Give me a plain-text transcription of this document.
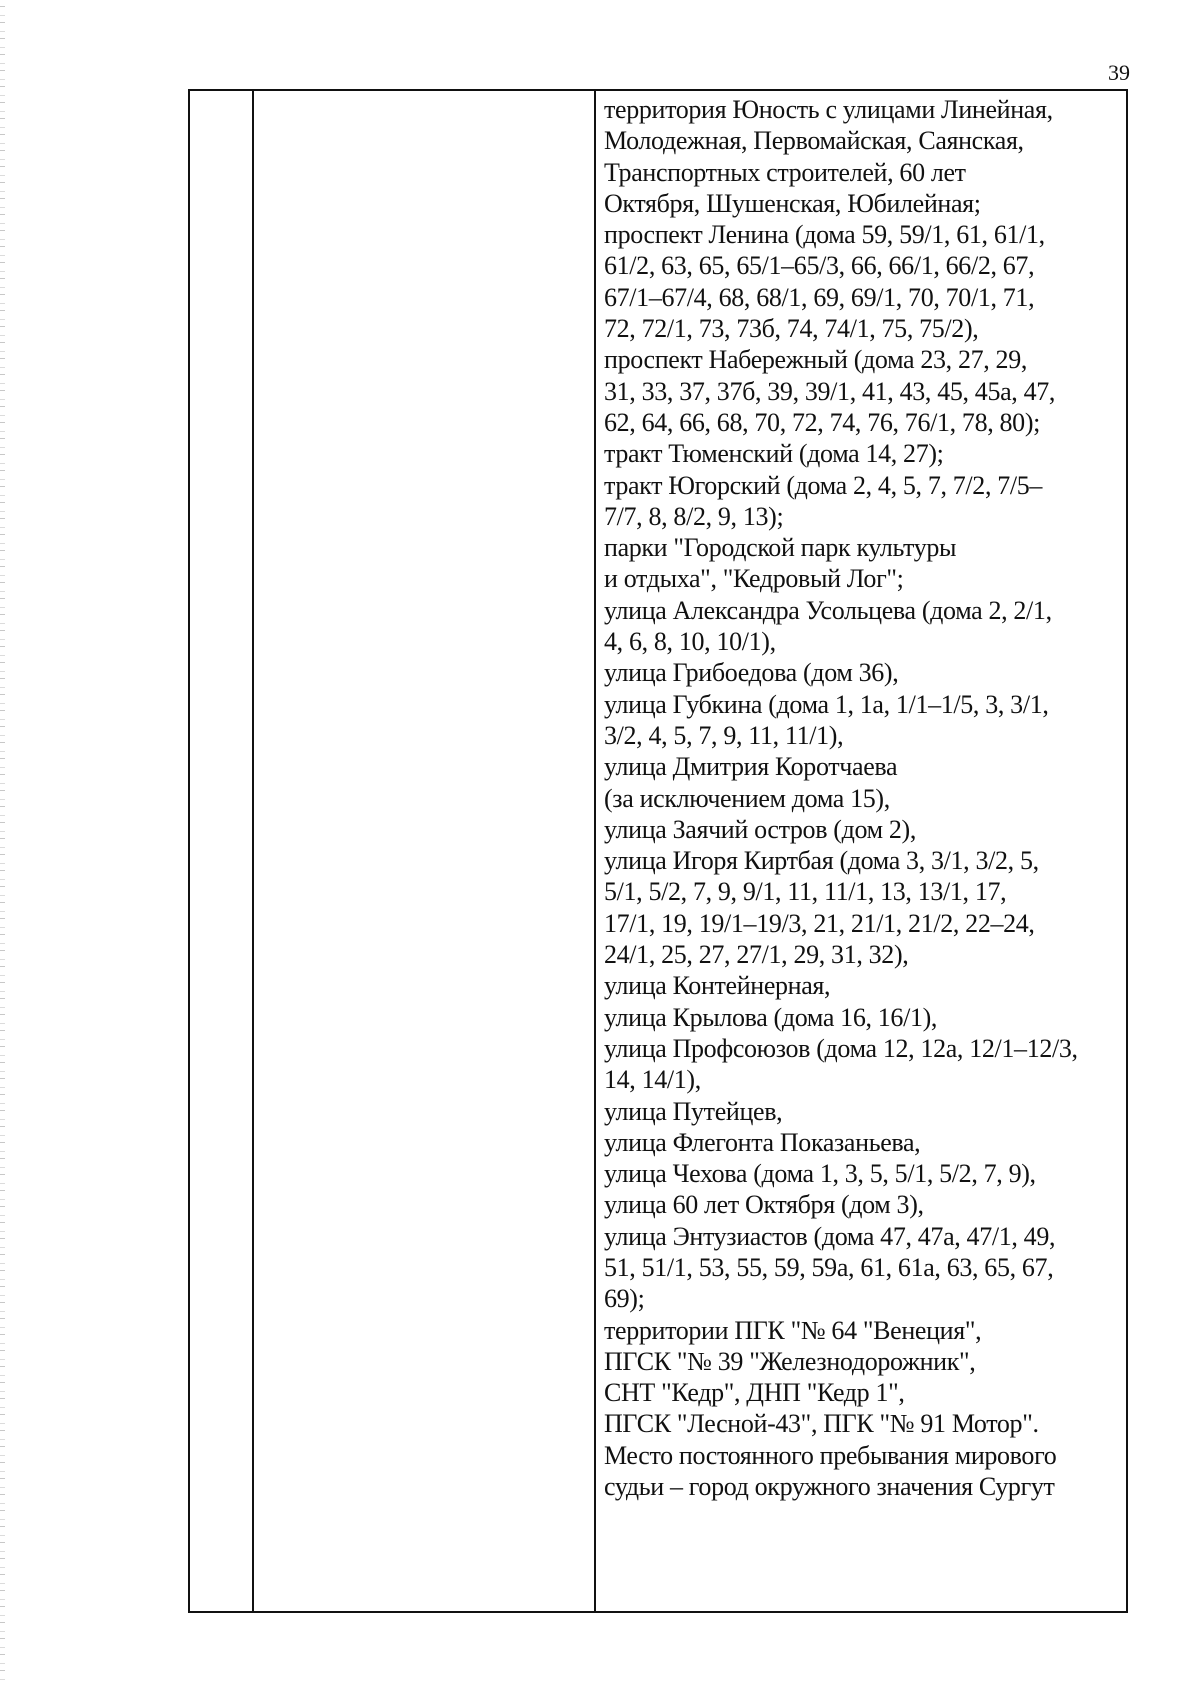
39

территория Юность с улицами Линейная,
Молодежная, Первомайская, Саянская,
Транспортных строителей, 60 лет
Октября, Шушенская, Юбилейная;
проспект Ленина (дома 59, 59/1, 61, 61/1,
61/2, 63, 65, 65/1–65/3, 66, 66/1, 66/2, 67,
67/1–67/4, 68, 68/1, 69, 69/1, 70, 70/1, 71,
72, 72/1, 73, 73б, 74, 74/1, 75, 75/2),
проспект Набережный (дома 23, 27, 29,
31, 33, 37, 37б, 39, 39/1, 41, 43, 45, 45а, 47,
62, 64, 66, 68, 70, 72, 74, 76, 76/1, 78, 80);
тракт Тюменский (дома 14, 27);
тракт Югорский (дома 2, 4, 5, 7, 7/2, 7/5–
7/7, 8, 8/2, 9, 13);
парки "Городской парк культуры
и отдыха", "Кедровый Лог";
улица Александра Усольцева (дома 2, 2/1,
4, 6, 8, 10, 10/1),
улица Грибоедова (дом 36),
улица Губкина (дома 1, 1а, 1/1–1/5, 3, 3/1,
3/2, 4, 5, 7, 9, 11, 11/1),
улица Дмитрия Коротчаева
(за исключением дома 15),
улица Заячий остров (дом 2),
улица Игоря Киртбая (дома 3, 3/1, 3/2, 5,
5/1, 5/2, 7, 9, 9/1, 11, 11/1, 13, 13/1, 17,
17/1, 19, 19/1–19/3, 21, 21/1, 21/2, 22–24,
24/1, 25, 27, 27/1, 29, 31, 32),
улица Контейнерная,
улица Крылова (дома 16, 16/1),
улица Профсоюзов (дома 12, 12а, 12/1–12/3,
14, 14/1),
улица Путейцев,
улица Флегонта Показаньева,
улица Чехова (дома 1, 3, 5, 5/1, 5/2, 7, 9),
улица 60 лет Октября (дом 3),
улица Энтузиастов (дома 47, 47а, 47/1, 49,
51, 51/1, 53, 55, 59, 59а, 61, 61а, 63, 65, 67,
69);
территории ПГК "№ 64 "Венеция",
ПГСК "№ 39 "Железнодорожник",
СНТ "Кедр", ДНП "Кедр 1",
ПГСК "Лесной-43", ПГК "№ 91 Мотор".
Место постоянного пребывания мирового
судьи – город окружного значения Сургут
